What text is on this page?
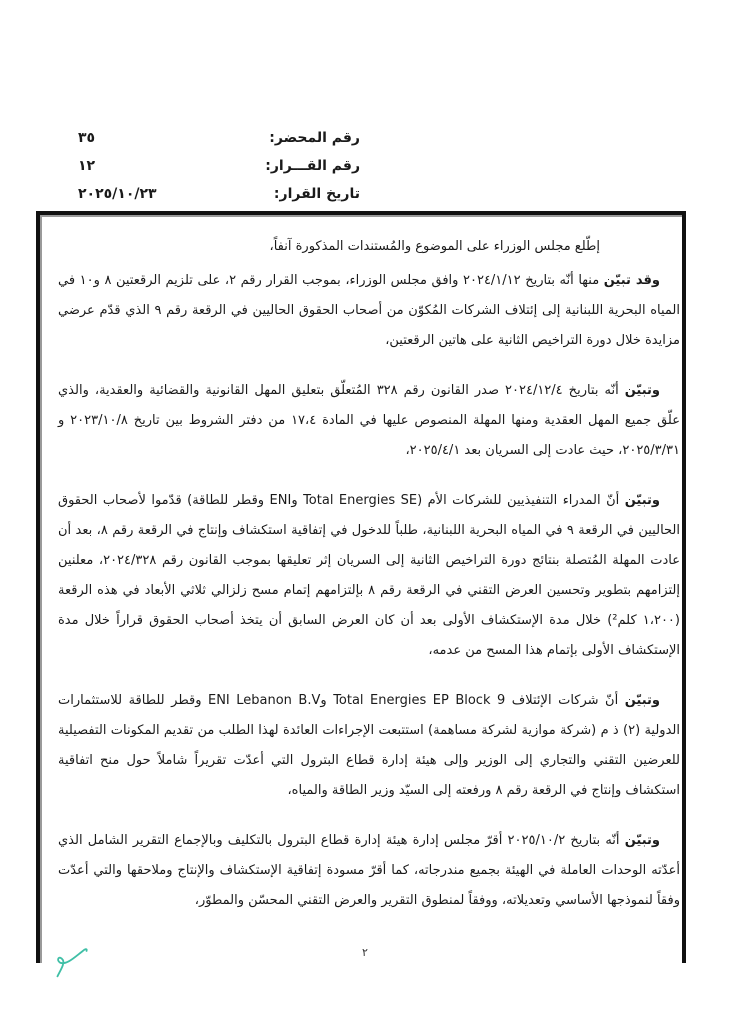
رقم المحضر:
٣٥
رقم القـــرار:
١٢
تاريخ القرار:
٢٠٢٥/١٠/٢٣

إطّلع مجلس الوزراء على الموضوع والمُستندات المذكورة آنفاً،

وقد تبيّن منها أنّه بتاريخ ٢٠٢٤/١/١٢ وافق مجلس الوزراء، بموجب القرار رقم ٢، على تلزيم الرقعتين ٨ و١٠ في المياه البحرية اللبنانية إلى إئتلاف الشركات المُكوّن من أصحاب الحقوق الحاليين في الرقعة رقم ٩ الذي قدّم عرضي مزايدة خلال دورة التراخيص الثانية على هاتين الرقعتين،

وتبيّن أنّه بتاريخ ٢٠٢٤/١٢/٤ صدر القانون رقم ٣٢٨ المُتعلّق بتعليق المهل القانونية والقضائية والعقدية، والذي علّق جميع المهل العقدية ومنها المهلة المنصوص عليها في المادة ١٧،٤ من دفتر الشروط بين تاريخ ٢٠٢٣/١٠/٨ و ٢٠٢٥/٣/٣١، حيث عادت إلى السريان بعد ٢٠٢٥/٤/١،

وتبيّن أنّ المدراء التنفيذيين للشركات الأم (Total Energies SE وENI وقطر للطاقة) قدّموا لأصحاب الحقوق الحاليين في الرقعة ٩ في المياه البحرية اللبنانية، طلباً للدخول في إتفاقية استكشاف وإنتاج في الرقعة رقم ٨، بعد أن عادت المهلة المُتصلة بنتائج دورة التراخيص الثانية إلى السريان إثر تعليقها بموجب القانون رقم ٢٠٢٤/٣٢٨، معلنين إلتزامهم بتطوير وتحسين العرض التقني في الرقعة رقم ٨ بإلتزامهم إتمام مسح زلزالي ثلاثي الأبعاد في هذه الرقعة (١،٢٠٠ كلم²) خلال مدة الإستكشاف الأولى بعد أن كان العرض السابق أن يتخذ أصحاب الحقوق قراراً خلال مدة الإستكشاف الأولى بإتمام هذا المسح من عدمه،

وتبيّن أنّ شركات الإئتلاف Total Energies EP Block 9 وENI Lebanon B.V وقطر للطاقة للاستثمارات الدولية (٢) ذ م (شركة موازية لشركة مساهمة) استتبعت الإجراءات العائدة لهذا الطلب من تقديم المكونات التفصيلية للعرضين التقني والتجاري إلى الوزير وإلى هيئة إدارة قطاع البترول التي أعدّت تقريراً شاملاً حول منح اتفاقية استكشاف وإنتاج في الرقعة رقم ٨ ورفعته إلى السيّد وزير الطاقة والمياه،

وتبيّن أنّه بتاريخ ٢٠٢٥/١٠/٢ أقرّ مجلس إدارة هيئة إدارة قطاع البترول بالتكليف وبالإجماع التقرير الشامل الذي أعدّته الوحدات العاملة في الهيئة بجميع مندرجاته، كما أقرّ مسودة إتفاقية الإستكشاف والإنتاج وملاحقها والتي أعدّت وفقاً لنموذجها الأساسي وتعديلاته، ووفقاً لمنطوق التقرير والعرض التقني المحسّن والمطوّر،

٢
